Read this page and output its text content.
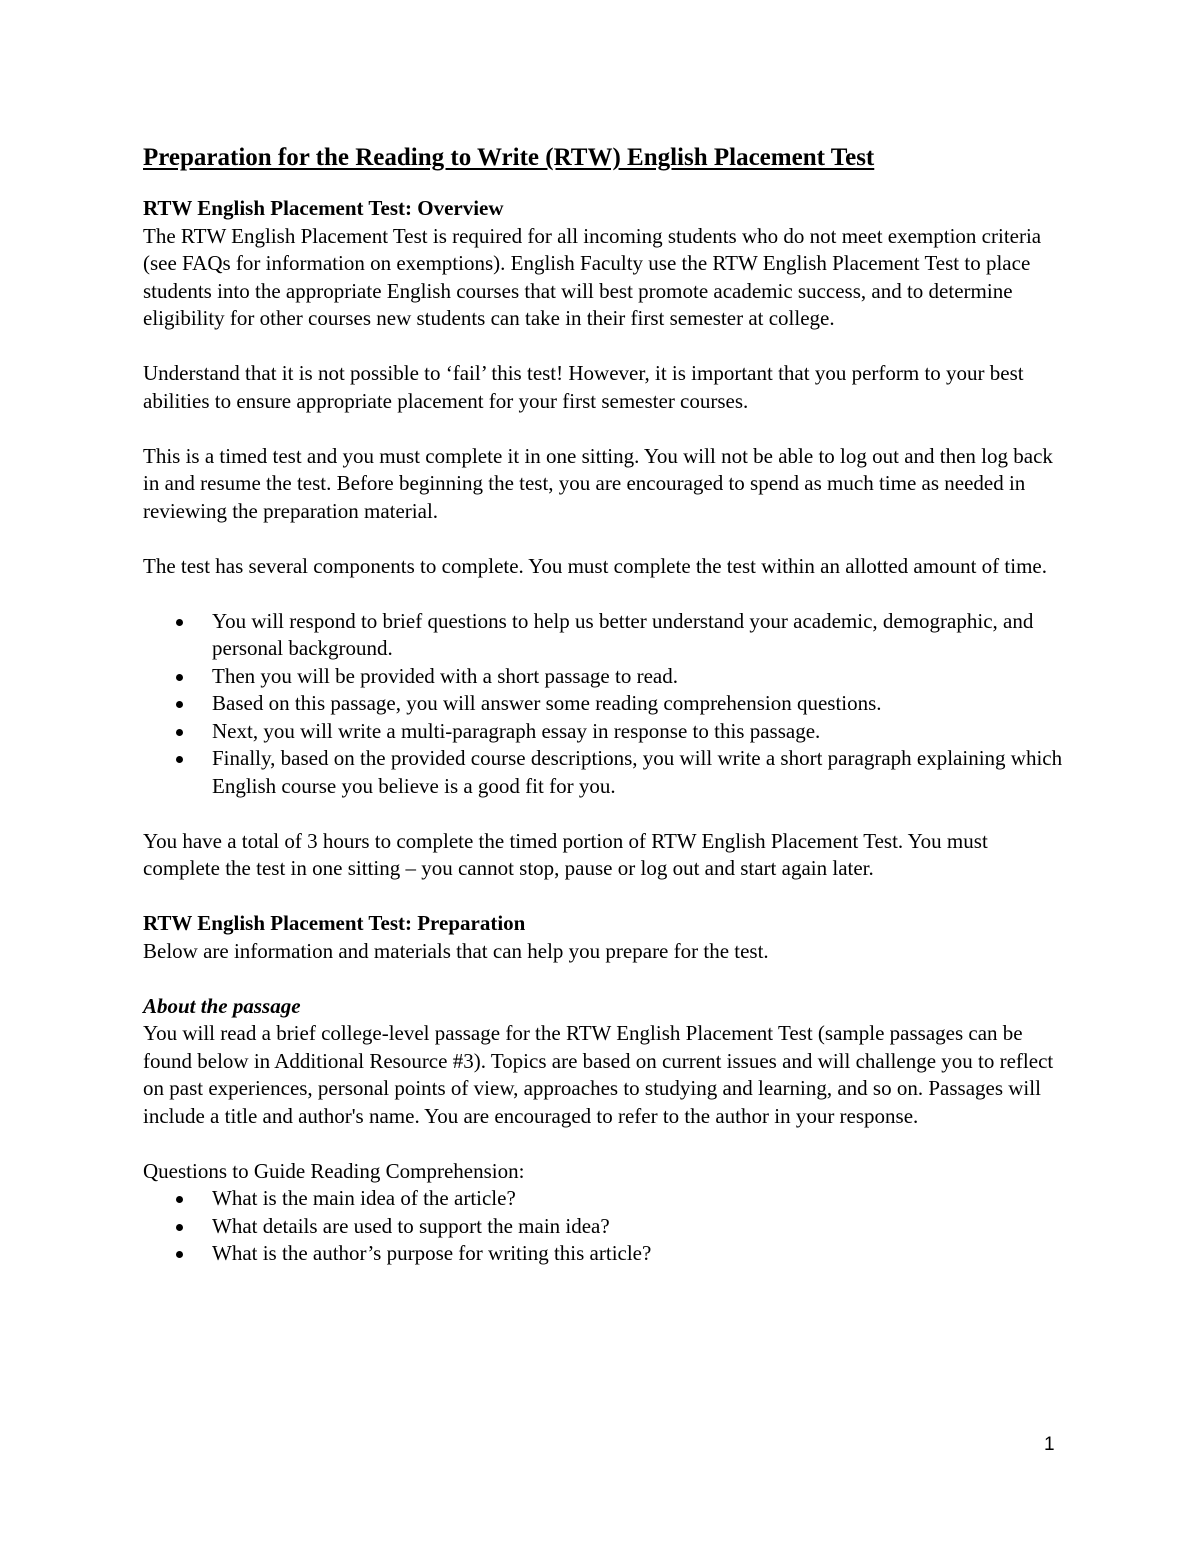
Preparation for the Reading to Write (RTW) English Placement Test

RTW English Placement Test: Overview

The RTW English Placement Test is required for all incoming students who do not meet exemption criteria (see FAQs for information on exemptions). English Faculty use the RTW English Placement Test to place students into the appropriate English courses that will best promote academic success, and to determine eligibility for other courses new students can take in their first semester at college.

Understand that it is not possible to ‘fail’ this test! However, it is important that you perform to your best abilities to ensure appropriate placement for your first semester courses.

This is a timed test and you must complete it in one sitting. You will not be able to log out and then log back in and resume the test. Before beginning the test, you are encouraged to spend as much time as needed in reviewing the preparation material.

The test has several components to complete. You must complete the test within an allotted amount of time.

You will respond to brief questions to help us better understand your academic, demographic, and personal background.
Then you will be provided with a short passage to read.
Based on this passage, you will answer some reading comprehension questions.
Next, you will write a multi-paragraph essay in response to this passage.
Finally, based on the provided course descriptions, you will write a short paragraph explaining which English course you believe is a good fit for you.

You have a total of 3 hours to complete the timed portion of RTW English Placement Test. You must complete the test in one sitting – you cannot stop, pause or log out and start again later.

RTW English Placement Test: Preparation

Below are information and materials that can help you prepare for the test.

About the passage

You will read a brief college-level passage for the RTW English Placement Test (sample passages can be found below in Additional Resource #3). Topics are based on current issues and will challenge you to reflect on past experiences, personal points of view, approaches to studying and learning, and so on. Passages will include a title and author's name. You are encouraged to refer to the author in your response.

Questions to Guide Reading Comprehension:

What is the main idea of the article?
What details are used to support the main idea?
What is the author’s purpose for writing this article?
1
